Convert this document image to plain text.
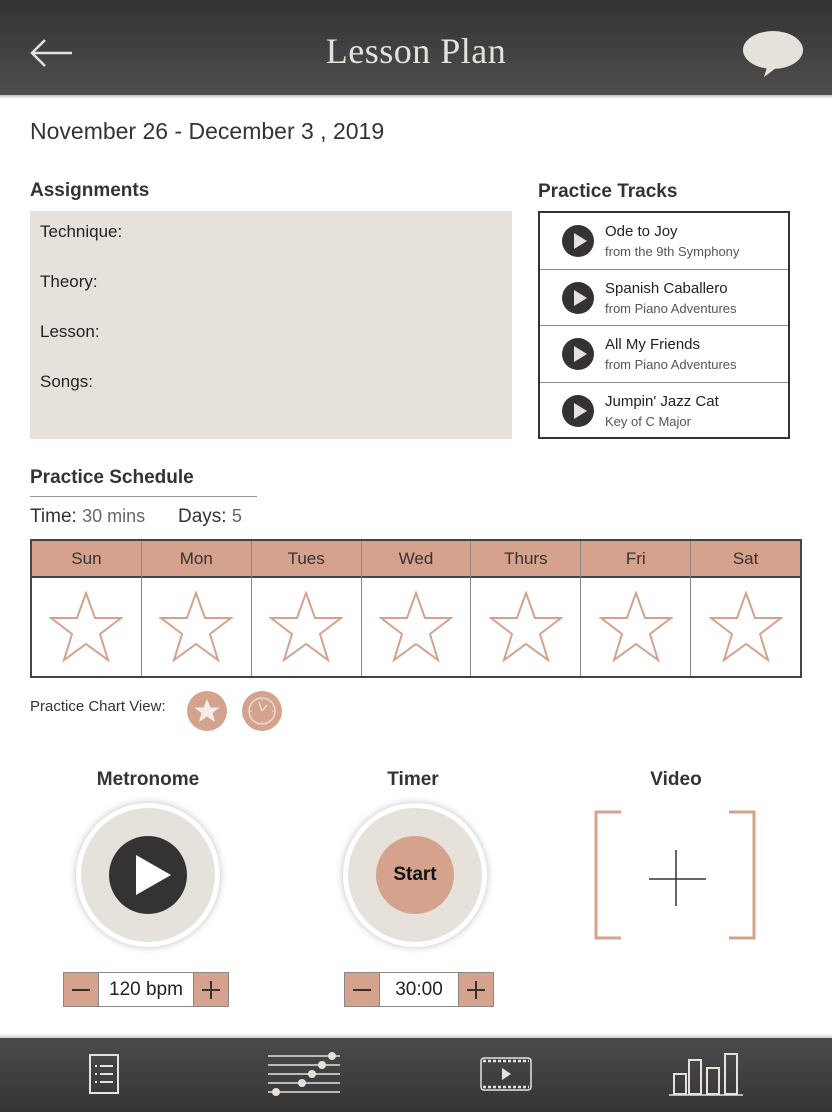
Lesson Plan
November 26 - December 3 , 2019
Assignments
Technique:
Theory:
Lesson:
Songs:
Practice Tracks
Ode to Joy
from the 9th Symphony
Spanish Caballero
from Piano Adventures
All My Friends
from Piano Adventures
Jumpin' Jazz Cat
Key of C Major
Practice Schedule
Time: 30 mins Days: 5
Sun	Mon	Tues	Wed	Thurs	Fri	Sat
Practice Chart View:
Metronome
120 bpm
Timer
Start
30:00
Video
